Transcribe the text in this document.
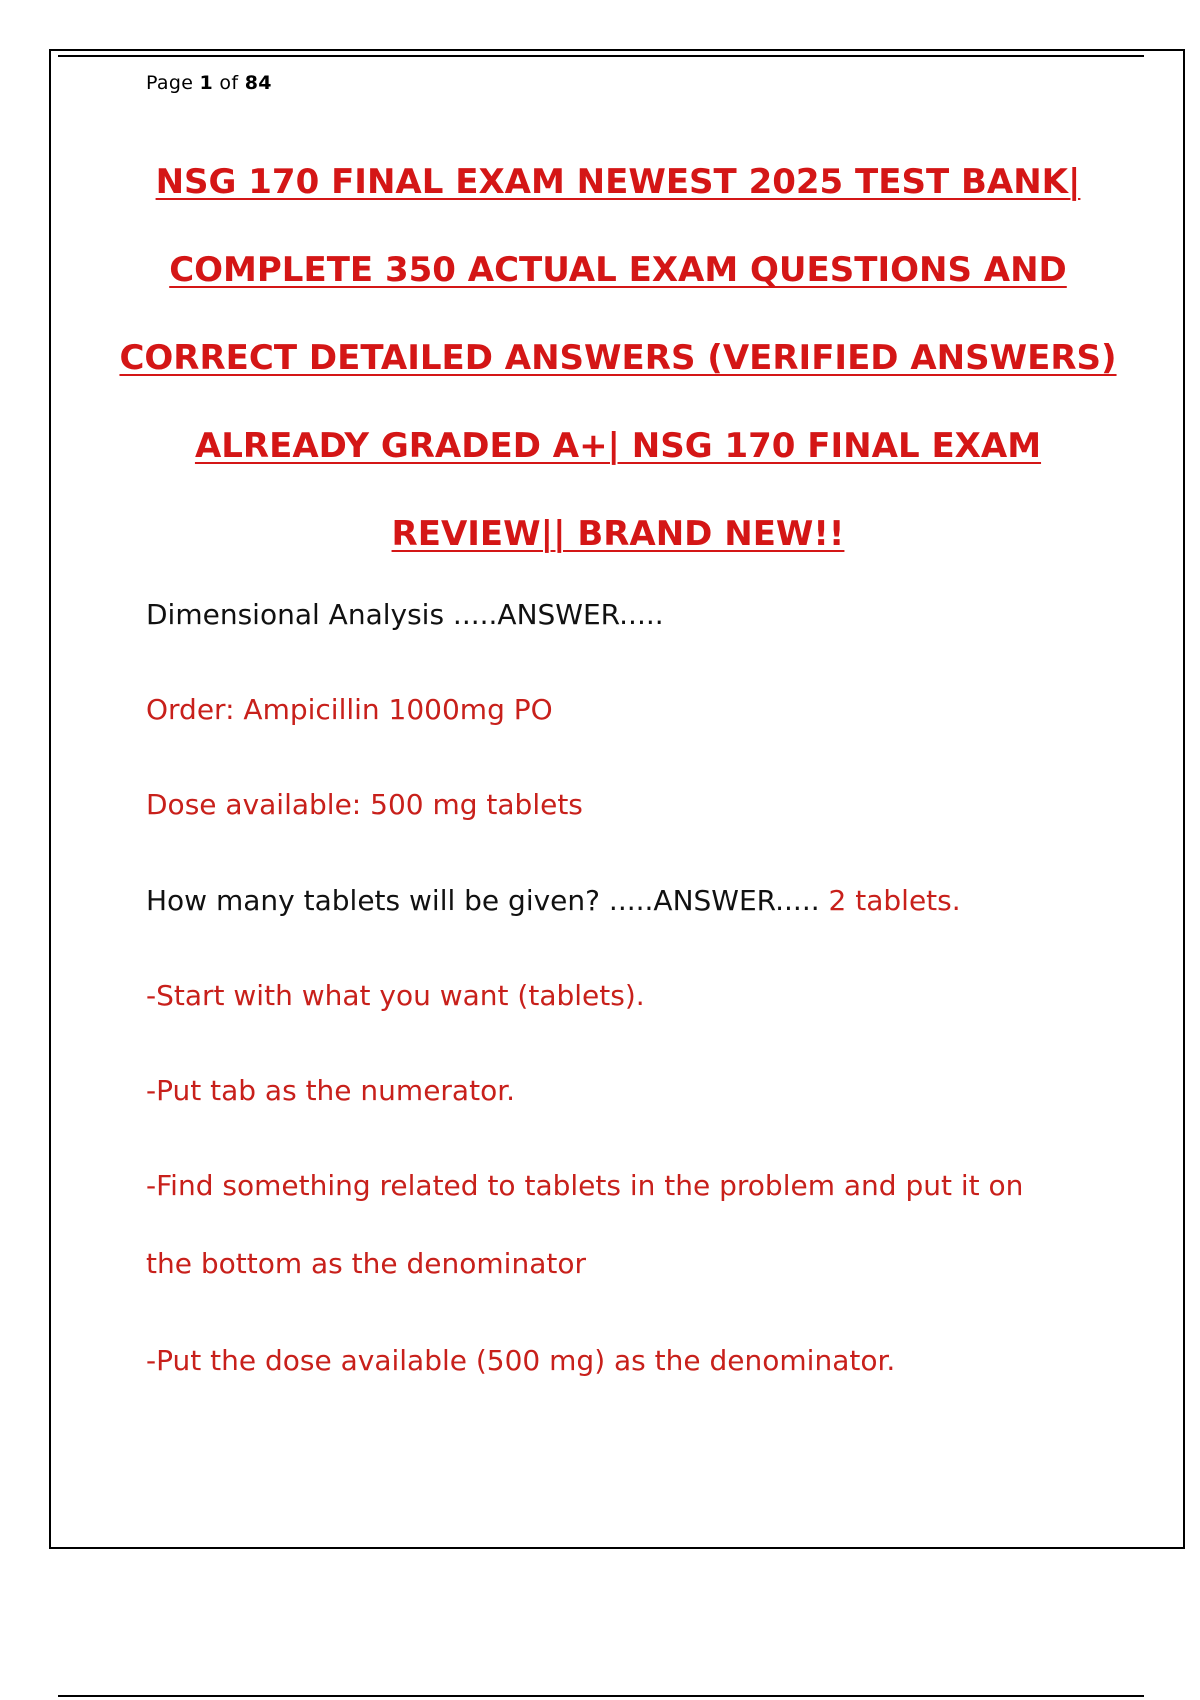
Page 1 of 84
NSG 170 FINAL EXAM NEWEST 2025 TEST BANK|
COMPLETE 350 ACTUAL EXAM QUESTIONS AND
CORRECT DETAILED ANSWERS (VERIFIED ANSWERS)
ALREADY GRADED A+| NSG 170 FINAL EXAM
REVIEW|| BRAND NEW!!
Dimensional Analysis .....ANSWER.....
Order: Ampicillin 1000mg PO
Dose available: 500 mg tablets
How many tablets will be given? .....ANSWER..... 2 tablets.
-Start with what you want (tablets).
-Put tab as the numerator.
-Find something related to tablets in the problem and put it on
the bottom as the denominator
-Put the dose available (500 mg) as the denominator.
